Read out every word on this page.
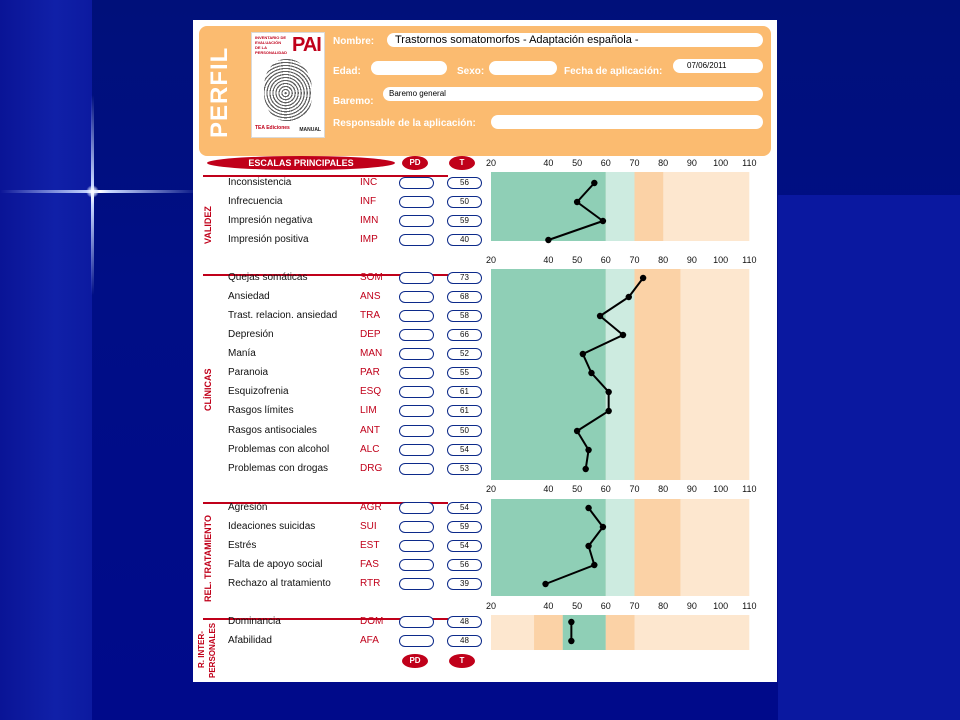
PERFIL
INVENTARIO DE EVALUACIÓN DE LA PERSONALIDAD PAI
TEA Ediciones MANUAL
Nombre:	Trastornos somatomorfos - Adaptación española -
Edad:	Sexo:	Fecha de aplicación:
07/06/2011
Baremo:
Baremo general
Responsable de la aplicación:
ESCALAS PRINCIPALES	PD	T
PD	T
VALIDEZ
CLÍNICAS
REL. TRATAMIENTO
R. INTER- PERSONALES
Inconsistencia	INC	56
Infrecuencia	INF	50
Impresión negativa	IMN	59
Impresión positiva	IMP	40
Quejas somáticas	SOM	73
Ansiedad	ANS	68
Trast. relacion. ansiedad TRA	58
Depresión	DEP	66
Manía	MAN	52
Paranoia	PAR	55
Esquizofrenia	ESQ	61
Rasgos límites	LIM	61
Rasgos antisociales	ANT	50
Problemas con alcohol	ALC	54
Problemas con drogas	DRG	53
Agresión	AGR	54
Ideaciones suicidas	SUI	59
Estrés	EST	54
Falta de apoyo social	FAS	56
Rechazo al tratamiento	RTR	39
Dominancia	DOM	48
Afabilidad	AFA	48
20	40	50	60	70	80	90	100	110
20	40	50	60	70	80	90	100	110
20	40	50	60	70	80	90	100	110
20	40	50	60	70	80	90	100	110
